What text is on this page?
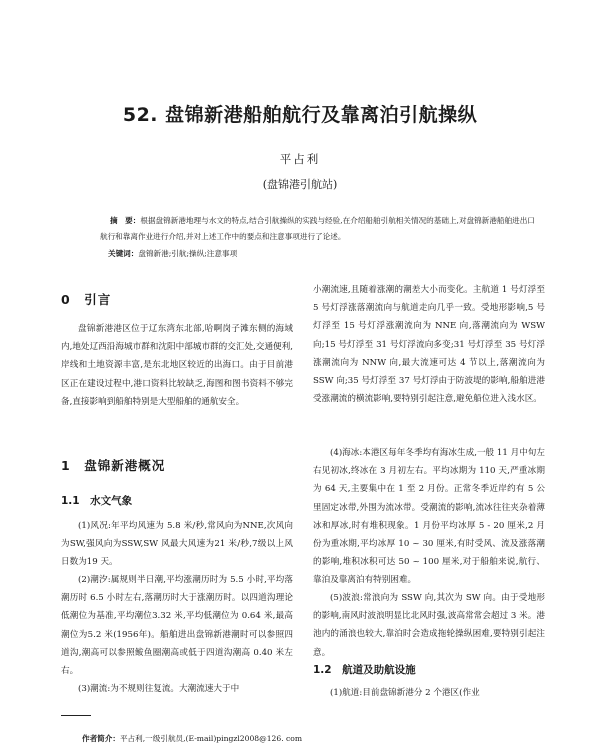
52. 盘锦新港船舶航行及靠离泊引航操纵
平占利
(盘锦港引航站)
摘　要：根据盘锦新港地理与水文的特点,结合引航操纵的实践与经验,在介绍船舶引航相关情况的基础上,对盘锦新港船舶进出口航行和靠离作业进行介绍,并对上述工作中的要点和注意事项进行了论述。
关键词：盘锦新港;引航;操纵;注意事项
0　引言

盘锦新港港区位于辽东湾东北部,哈啊岗子滩东侧的海域内,地处辽西沿海城市群和沈阳中部城市群的交汇处,交通便利,岸线和土地资源丰富,是东北地区较近的出海口。由于目前港区正在建设过程中,港口资料比较缺乏,海图和图书资料不够完备,直接影响到船舶特别是大型船舶的通航安全。

1　盘锦新港概况
1.1　水文气象

(1)风况:年平均风速为 5.8 米/秒,常风向为NNE,次风向为SW,强风向为SSW,SW 风最大风速为21 米/秒,7级以上风日数为19 天。

(2)潮汐:属规则半日潮,平均涨潮历时为 5.5 小时,平均落潮历时 6.5 小时左右,落潮历时大于涨潮历时。以四道沟理论低潮位为基准,平均潮位3.32 米,平均低潮位为 0.64 米,最高潮位为5.2 米(1956年)。船舶进出盘锦新港潮时可以参照四道沟,潮高可以参照鲅鱼圈潮高或低于四道沟潮高 0.40 米左右。

(3)潮流:为不规则往复流。大潮流速大于中

小潮流速,且随着涨潮的潮差大小而变化。主航道 1 号灯浮至 5 号灯浮涨落潮流向与航道走向几乎一致。受地形影响,5 号灯浮至 15 号灯浮涨潮流向为 NNE 向,落潮流向为 WSW 向;15 号灯浮至 31 号灯浮流向多变;31 号灯浮至 35 号灯浮涨潮流向为 NNW 向,最大流速可达 4 节以上,落潮流向为 SSW 向;35 号灯浮至 37 号灯浮由于防波堤的影响,船舶进港受涨潮流的横流影响,要特别引起注意,避免船位进入浅水区。

(4)海冰:本港区每年冬季均有海冰生成,一般 11 月中旬左右见初冰,终冰在 3 月初左右。平均冰期为 110 天,严重冰期为 64 天,主要集中在 1 至 2 月份。正常冬季近岸约有 5 公里固定冰带,外围为流冰带。受潮流的影响,流冰往往夹杂着薄冰和厚冰,时有堆积现象。1 月份平均冰厚 5 - 20 厘米,2 月份为重冰期,平均冰厚 10 ~ 30 厘米,有时受风、流及涨落潮的影响,堆积冰积可达 50 ~ 100 厘米,对于船舶来说,航行、靠泊及靠离泊有特别困难。

(5)波浪:常浪向为 SSW 向,其次为 SW 向。由于受地形的影响,南风时波浪明显比北风时强,波高常常会超过 3 米。港池内的涌浪也较大,靠泊时会造成拖轮操纵困难,要特别引起注意。

1.2　航道及助航设施

(1)航道:目前盘锦新港分 2 个港区(作业

作者简介：平占利,一级引航员,(E-mail)pingzl2008@126. com
